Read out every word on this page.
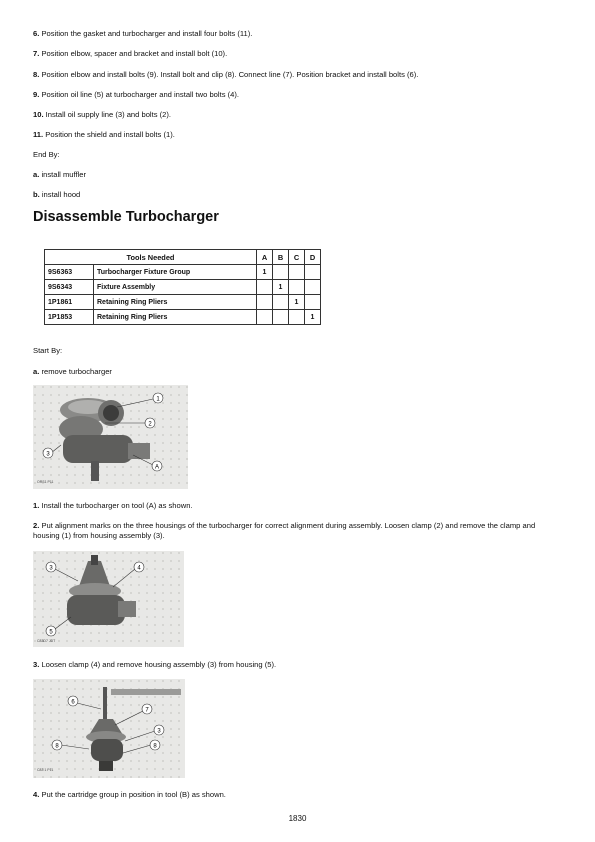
6. Position the gasket and turbocharger and install four bolts (11).
7. Position elbow, spacer and bracket and install bolt (10).
8. Position elbow and install bolts (9). Install bolt and clip (8). Connect line (7). Position bracket and install bolts (6).
9. Position oil line (5) at turbocharger and install two bolts (4).
10. Install oil supply line (3) and bolts (2).
11. Position the shield and install bolts (1).
End By:
a. install muffler
b. install hood
Disassemble Turbocharger
Tools Needed		A	B	C	D
9S6363	Turbocharger Fixture Group	1			
9S6343	Fixture Assembly		1		
1P1861	Retaining Ring Pliers			1	
1P1853	Retaining Ring Pliers				1
Start By:
a. remove turbocharger
1
2
3
A
ORS1 P11
1. Install the turbocharger on tool (A) as shown.
2. Put alignment marks on the three housings of the turbocharger for correct alignment during assembly. Loosen clamp (2) and remove the clamp and housing (1) from housing assembly (3).
3	4
5
C83D7 JDT
3. Loosen clamp (4) and remove housing assembly (3) from housing (5).
6
7
3
8	8
C83 1 P11
4. Put the cartridge group in position in tool (B) as shown.
1830
